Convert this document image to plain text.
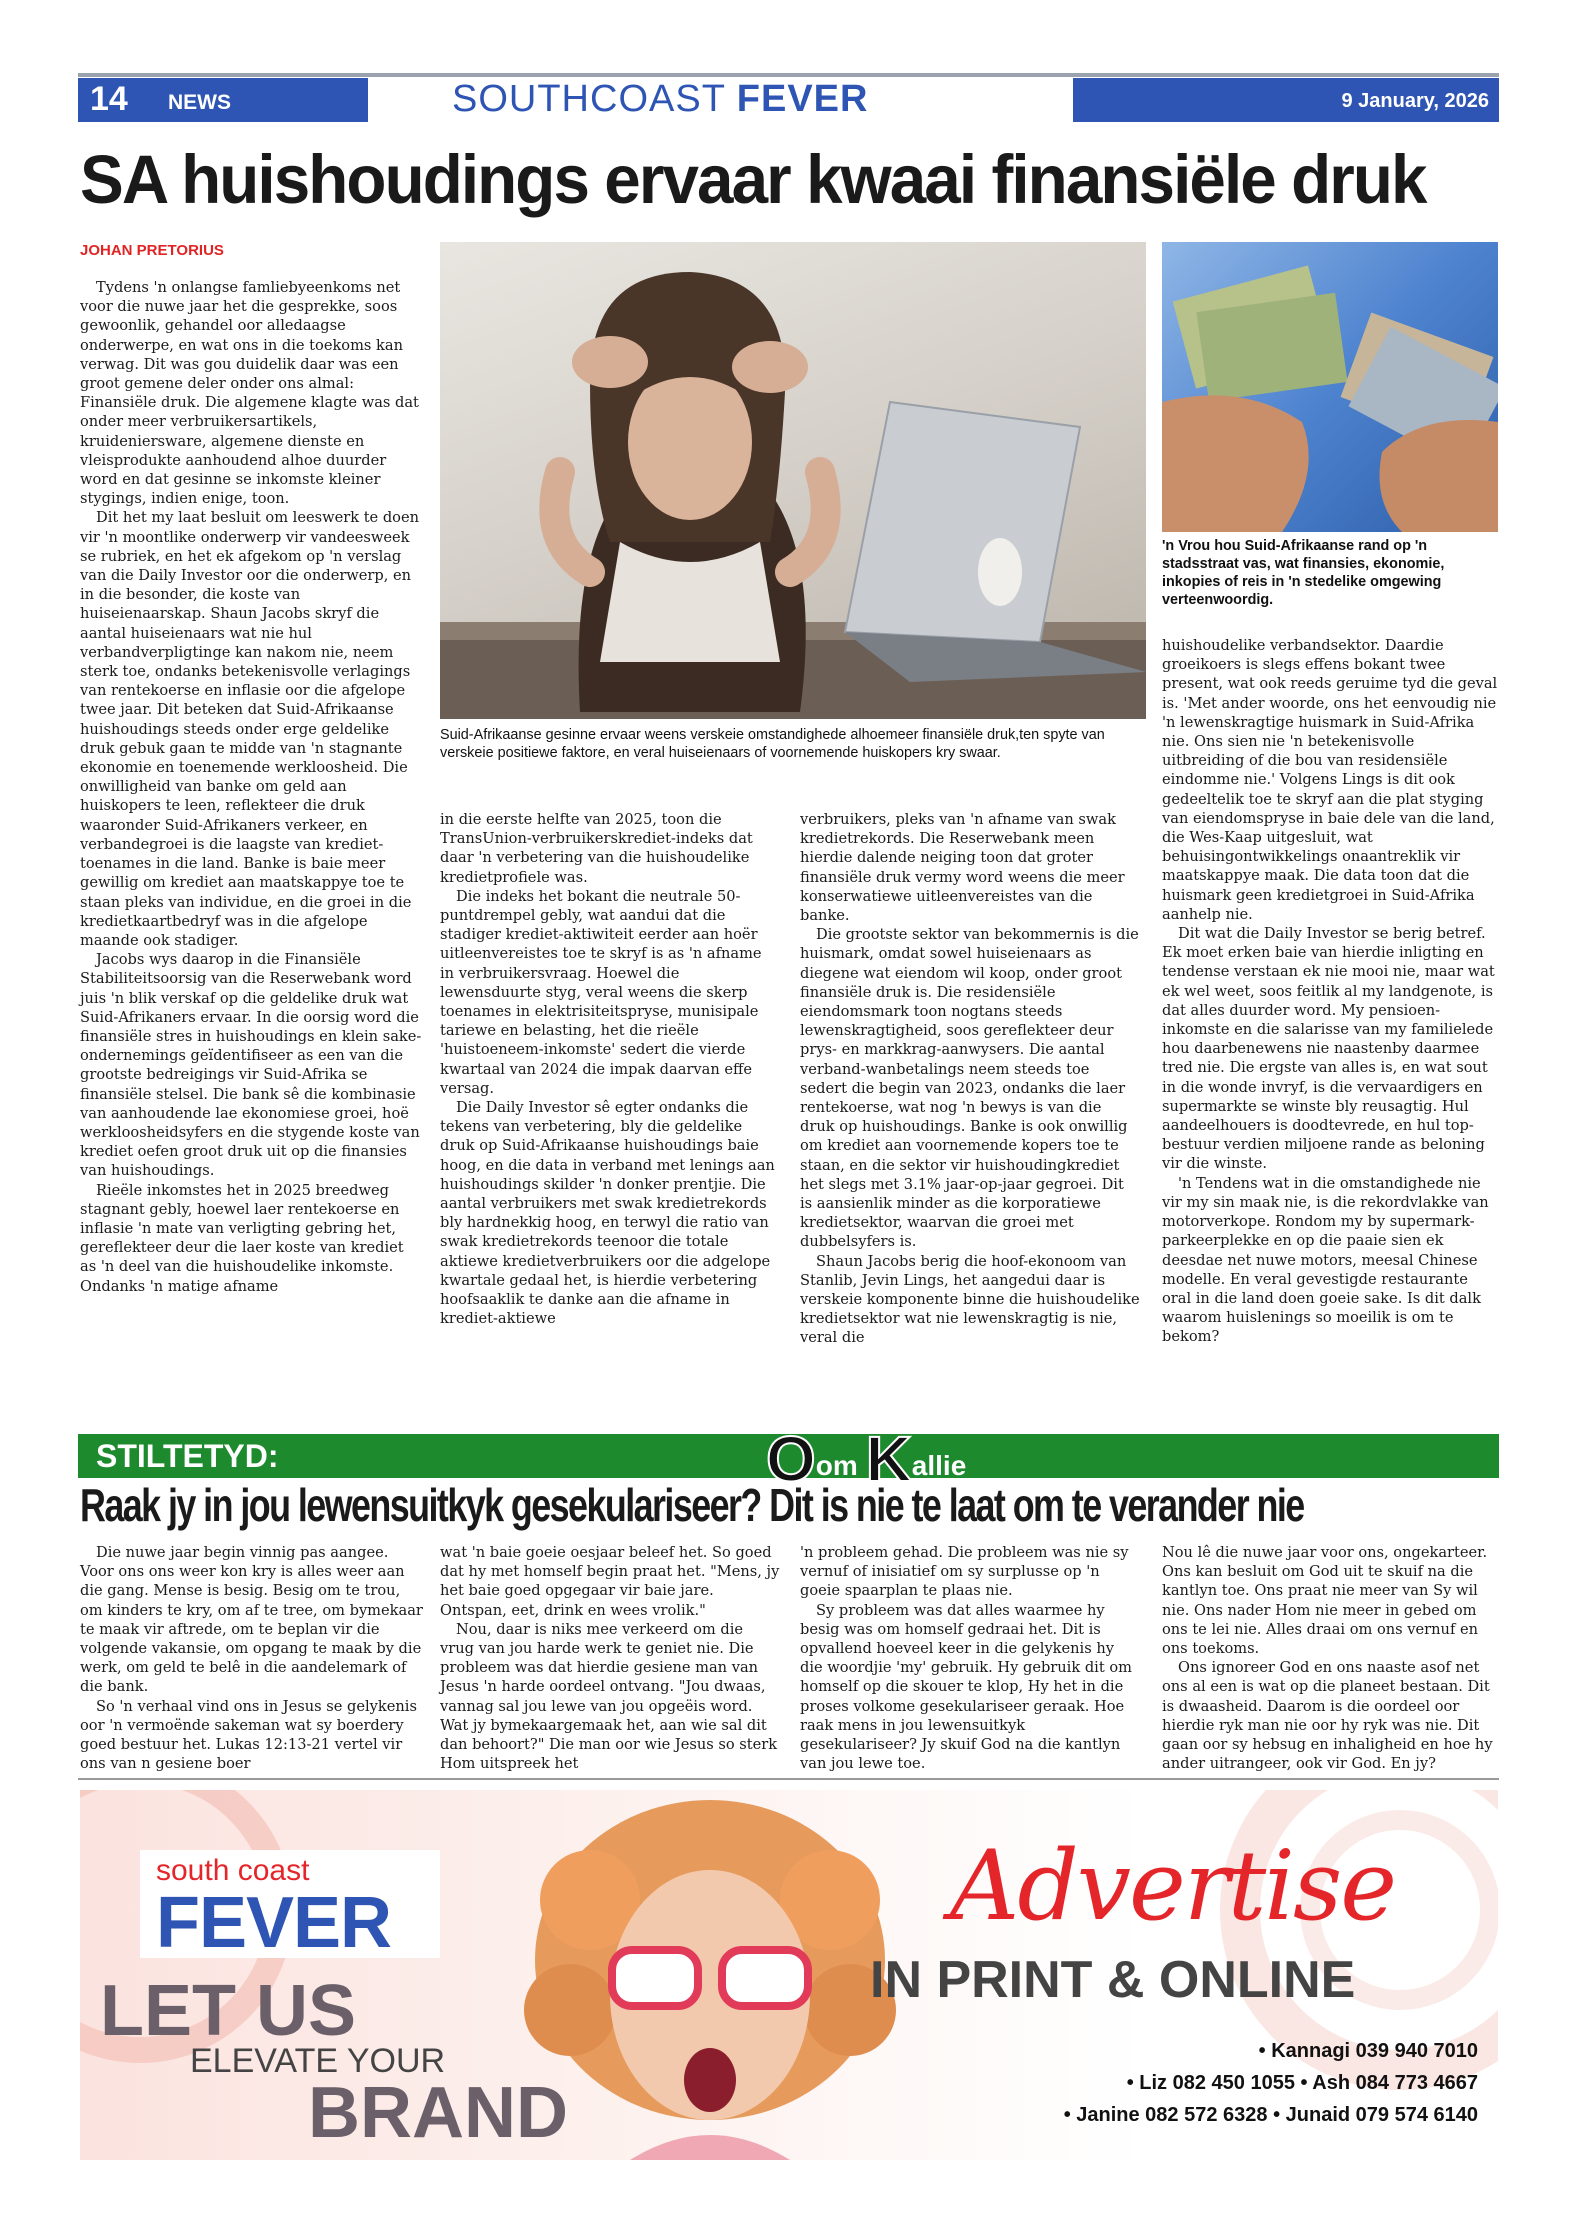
14 NEWS	SOUTHCOAST FEVER	9 January, 2026
SA huishoudings ervaar kwaai finansiële druk
JOHAN PRETORIUS

Tydens 'n onlangse famliebyeenkoms net voor die nuwe jaar het die gesprekke, soos gewoonlik, gehandel oor alledaagse onderwerpe, en wat ons in die toekoms kan verwag. Dit was gou duidelik daar was een groot gemene deler onder ons almal: Finansiële druk. Die algemene klagte was dat onder meer verbruikersartikels, kruideniersware, algemene dienste en vleisprodukte aanhoudend alhoe duurder word en dat gesinne se inkomste kleiner stygings, indien enige, toon.

Dit het my laat besluit om leeswerk te doen vir 'n moontlike onderwerp vir vandeesweek se rubriek, en het ek afgekom op 'n verslag van die Daily Investor oor die onderwerp, en in die besonder, die koste van huiseienaarskap. Shaun Jacobs skryf die aantal huiseienaars wat nie hul verbandverpligtinge kan nakom nie, neem sterk toe, ondanks betekenisvolle verlagings van rentekoerse en inflasie oor die afgelope twee jaar. Dit beteken dat Suid-Afrikaanse huishoudings steeds onder erge geldelike druk gebuk gaan te midde van 'n stagnante ekonomie en toenemende werkloosheid. Die onwilligheid van banke om geld aan huiskopers te leen, reflekteer die druk waaronder Suid-Afrikaners verkeer, en verbandegroei is die laagste van krediet-toenames in die land. Banke is baie meer gewillig om krediet aan maatskappye toe te staan pleks van individue, en die groei in die kredietkaartbedryf was in die afgelope maande ook stadiger.

Jacobs wys daarop in die Finansiële Stabiliteitsoorsig van die Reserwebank word juis 'n blik verskaf op die geldelike druk wat Suid-Afrikaners ervaar. In die oorsig word die finansiële stres in huishoudings en klein sake-ondernemings geïdentifiseer as een van die grootste bedreigings vir Suid-Afrika se finansiële stelsel. Die bank sê die kombinasie van aanhoudende lae ekonomiese groei, hoë werkloosheidsyfers en die stygende koste van krediet oefen groot druk uit op die finansies van huishoudings.

Rieële inkomstes het in 2025 breedweg stagnant gebly, hoewel laer rentekoerse en inflasie 'n mate van verligting gebring het, gereflekteer deur die laer koste van krediet as 'n deel van die huishoudelike inkomste. Ondanks 'n matige afname

Suid-Afrikaanse gesinne ervaar weens verskeie omstandighede alhoemeer finansiële druk,ten spyte van verskeie positiewe faktore, en veral huiseienaars of voornemende huiskopers kry swaar.
'n Vrou hou Suid-Afrikaanse rand op 'n stadsstraat vas, wat finansies, ekonomie, inkopies of reis in 'n stedelike omgewing verteenwoordig.

in die eerste helfte van 2025, toon die TransUnion-verbruikerskrediet-indeks dat daar 'n verbetering van die huishoudelike kredietprofiele was.

Die indeks het bokant die neutrale 50-puntdrempel gebly, wat aandui dat die stadiger krediet-aktiwiteit eerder aan hoër uitleenvereistes toe te skryf is as 'n afname in verbruikersvraag. Hoewel die lewensduurte styg, veral weens die skerp toenames in elektrisiteitspryse, munisipale tariewe en belasting, het die rieële 'huistoeneem-inkomste' sedert die vierde kwartaal van 2024 die impak daarvan effe versag.

Die Daily Investor sê egter ondanks die tekens van verbetering, bly die geldelike druk op Suid-Afrikaanse huishoudings baie hoog, en die data in verband met lenings aan huishoudings skilder 'n donker prentjie. Die aantal verbruikers met swak kredietrekords bly hardnekkig hoog, en terwyl die ratio van swak kredietrekords teenoor die totale aktiewe kredietverbruikers oor die adgelope kwartale gedaal het, is hierdie verbetering hoofsaaklik te danke aan die afname in krediet-aktiewe

verbruikers, pleks van 'n afname van swak kredietrekords. Die Reserwebank meen hierdie dalende neiging toon dat groter finansiële druk vermy word weens die meer konserwatiewe uitleenvereistes van die banke.

Die grootste sektor van bekommernis is die huismark, omdat sowel huiseienaars as diegene wat eiendom wil koop, onder groot finansiële druk is. Die residensiële eiendomsmark toon nogtans steeds lewenskragtigheid, soos gereflekteer deur prys- en markkrag-aanwysers. Die aantal verband-wanbetalings neem steeds toe sedert die begin van 2023, ondanks die laer rentekoerse, wat nog 'n bewys is van die druk op huishoudings. Banke is ook onwillig om krediet aan voornemende kopers toe te staan, en die sektor vir huishoudingkrediet het slegs met 3.1% jaar-op-jaar gegroei. Dit is aansienlik minder as die korporatiewe kredietsektor, waarvan die groei met dubbelsyfers is.

Shaun Jacobs berig die hoof-ekonoom van Stanlib, Jevin Lings, het aangedui daar is verskeie komponente binne die huishoudelike kredietsektor wat nie lewenskragtig is nie, veral die

huishoudelike verbandsektor. Daardie groeikoers is slegs effens bokant twee present, wat ook reeds geruime tyd die geval is. 'Met ander woorde, ons het eenvoudig nie 'n lewenskragtige huismark in Suid-Afrika nie. Ons sien nie 'n betekenisvolle uitbreiding of die bou van residensiële eindomme nie.' Volgens Lings is dit ook gedeeltelik toe te skryf aan die plat styging van eiendomspryse in baie dele van die land, die Wes-Kaap uitgesluit, wat behuisingontwikkelings onaantreklik vir maatskappye maak. Die data toon dat die huismark geen kredietgroei in Suid-Afrika aanhelp nie.

Dit wat die Daily Investor se berig betref. Ek moet erken baie van hierdie inligting en tendense verstaan ek nie mooi nie, maar wat ek wel weet, soos feitlik al my landgenote, is dat alles duurder word. My pensioen-inkomste en die salarisse van my familielede hou daarbenewens nie naastenby daarmee tred nie. Die ergste van alles is, en wat sout in die wonde invryf, is die vervaardigers en supermarkte se winste bly reusagtig. Hul aandeelhouers is doodtevrede, en hul top-bestuur verdien miljoene rande as beloning vir die winste.

'n Tendens wat in die omstandighede nie vir my sin maak nie, is die rekordvlakke van motorverkope. Rondom my by supermark-parkeerplekke en op die paaie sien ek deesdae net nuwe motors, meesal Chinese modelle. En veral gevestigde restaurante oral in die land doen goeie sake. Is dit dalk waarom huislenings so moeilik is om te bekom?

STILTETYD:	Oom Kallie
Raak jy in jou lewensuitkyk gesekulariseer? Dit is nie te laat om te verander nie

Die nuwe jaar begin vinnig pas aangee. Voor ons ons weer kon kry is alles weer aan die gang. Mense is besig. Besig om te trou, om kinders te kry, om af te tree, om bymekaar te maak vir aftrede, om te beplan vir die volgende vakansie, om opgang te maak by die werk, om geld te belê in die aandelemark of die bank.

So 'n verhaal vind ons in Jesus se gelykenis oor 'n vermoënde sakeman wat sy boerdery goed bestuur het. Lukas 12:13-21 vertel vir ons van n gesiene boer

wat 'n baie goeie oesjaar beleef het. So goed dat hy met homself begin praat het. "Mens, jy het baie goed opgegaar vir baie jare. Ontspan, eet, drink en wees vrolik."

Nou, daar is niks mee verkeerd om die vrug van jou harde werk te geniet nie. Die probleem was dat hierdie gesiene man van Jesus 'n harde oordeel ontvang. "Jou dwaas, vannag sal jou lewe van jou opgeëis word. Wat jy bymekaargemaak het, aan wie sal dit dan behoort?" Die man oor wie Jesus so sterk Hom uitspreek het

'n probleem gehad. Die probleem was nie sy vernuf of inisiatief om sy surplusse op 'n goeie spaarplan te plaas nie.

Sy probleem was dat alles waarmee hy besig was om homself gedraai het. Dit is opvallend hoeveel keer in die gelykenis hy die woordjie 'my' gebruik. Hy gebruik dit om homself op die skouer te klop, Hy het in die proses volkome gesekulariseer geraak. Hoe raak mens in jou lewensuitkyk gesekulariseer? Jy skuif God na die kantlyn van jou lewe toe.

Nou lê die nuwe jaar voor ons, ongekarteer. Ons kan besluit om God uit te skuif na die kantlyn toe. Ons praat nie meer van Sy wil nie. Ons nader Hom nie meer in gebed om ons te lei nie. Alles draai om ons vernuf en ons toekoms.

Ons ignoreer God en ons naaste asof net ons al een is wat op die planeet bestaan. Dit is dwaasheid. Daarom is die oordeel oor hierdie ryk man nie oor hy ryk was nie. Dit gaan oor sy hebsug en inhaligheid en hoe hy ander uitrangeer, ook vir God. En jy?

south coast
FEVER
LET US
ELEVATE YOUR
BRAND
Advertise
IN PRINT & ONLINE
• Kannagi 039 940 7010
• Liz 082 450 1055 • Ash 084 773 4667
• Janine 082 572 6328 • Junaid 079 574 6140
